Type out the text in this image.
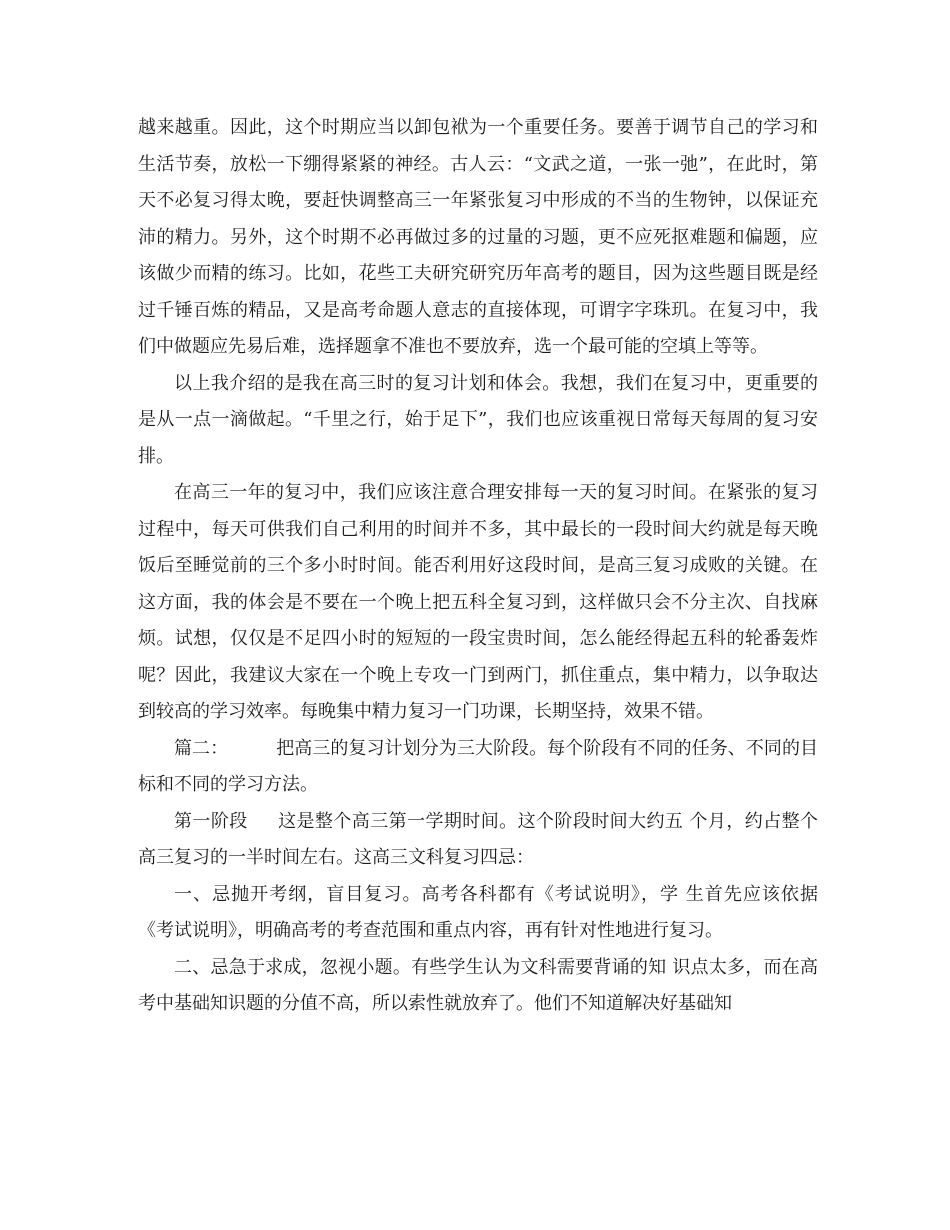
越来越重。因此，这个时期应当以卸包袱为一个重要任务。要善于调节自己的学习和生活节奏，放松一下绷得紧紧的神经。古人云：“文武之道，一张一弛”，在此时，第天不必复习得太晚，要赶快调整高三一年紧张复习中形成的不当的生物钟，以保证充沛的精力。另外，这个时期不必再做过多的过量的习题，更不应死抠难题和偏题，应该做少而精的练习。比如，花些工夫研究研究历年高考的题目，因为这些题目既是经过千锤百炼的精品，又是高考命题人意志的直接体现，可谓字字珠玑。在复习中，我们中做题应先易后难，选择题拿不准也不要放弃，选一个最可能的空填上等等。

以上我介绍的是我在高三时的复习计划和体会。我想，我们在复习中，更重要的是从一点一滴做起。“千里之行，始于足下”，我们也应该重视日常每天每周的复习安排。

在高三一年的复习中，我们应该注意合理安排每一天的复习时间。在紧张的复习过程中，每天可供我们自己利用的时间并不多，其中最长的一段时间大约就是每天晚饭后至睡觉前的三个多小时时间。能否利用好这段时间，是高三复习成败的关键。在这方面，我的体会是不要在一个晚上把五科全复习到，这样做只会不分主次、自找麻烦。试想，仅仅是不足四小时的短短的一段宝贵时间，怎么能经得起五科的轮番轰炸呢？因此，我建议大家在一个晚上专攻一门到两门，抓住重点，集中精力，以争取达到较高的学习效率。每晚集中精力复习一门功课，长期坚持，效果不错。

篇二：	把高三的复习计划分为三大阶段。每个阶段有不同的任务、不同的目标和不同的学习方法。

第一阶段 这是整个高三第一学期时间。这个阶段时间大约五 个月，约占整个高三复习的一半时间左右。这高三文科复习四忌：

一、忌抛开考纲，盲目复习。高考各科都有《考试说明》，学 生首先应该依据《考试说明》，明确高考的考查范围和重点内容，再有针对性地进行复习。

二、忌急于求成，忽视小题。有些学生认为文科需要背诵的知 识点太多，而在高考中基础知识题的分值不高，所以索性就放弃了。他们不知道解决好基础知
